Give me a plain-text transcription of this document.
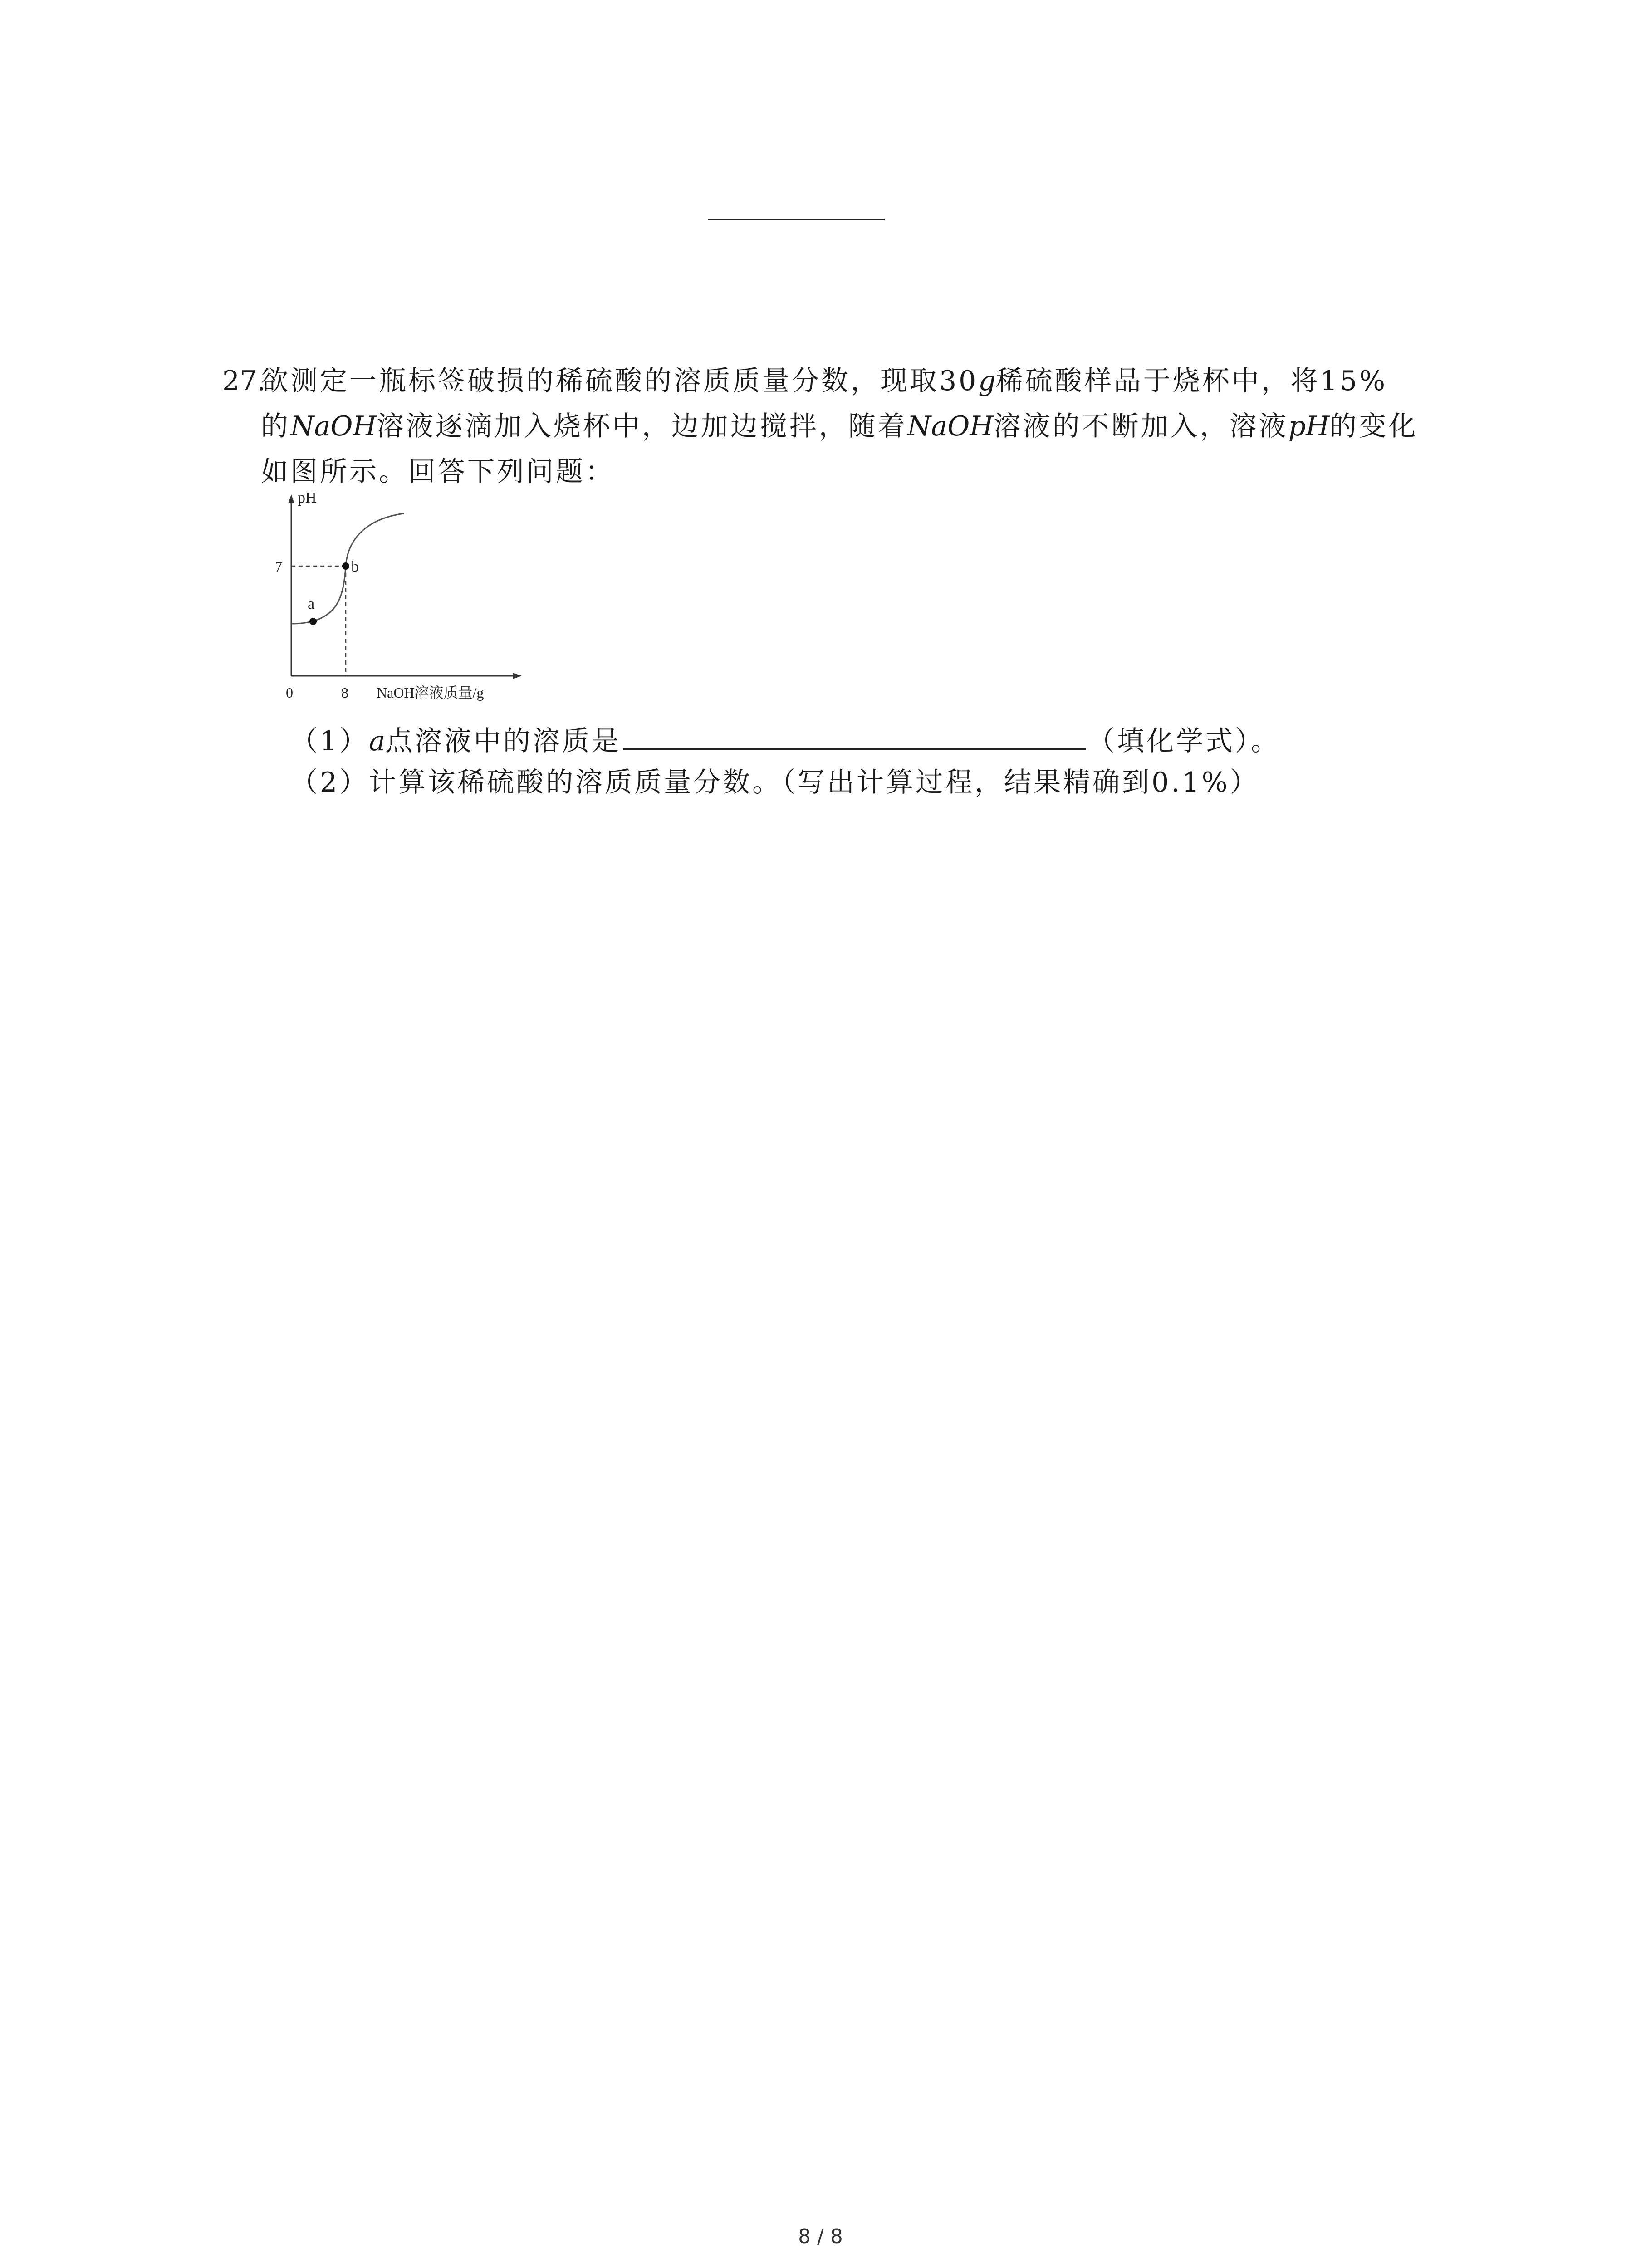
27.
欲测定一瓶标签破损的稀硫酸的溶质质量分数，现取30g稀硫酸样品于烧杯中，将15%
的NaOH溶液逐滴加入烧杯中，边加边搅拌，随着NaOH溶液的不断加入，溶液pH的变化
如图所示。回答下列问题：
pH
7
a
b
0	8 NaOH溶液质量/g
（1）a点溶液中的溶质是	（填化学式）。
（2）计算该稀硫酸的溶质质量分数。（写出计算过程，结果精确到0.1%）
8 / 8
